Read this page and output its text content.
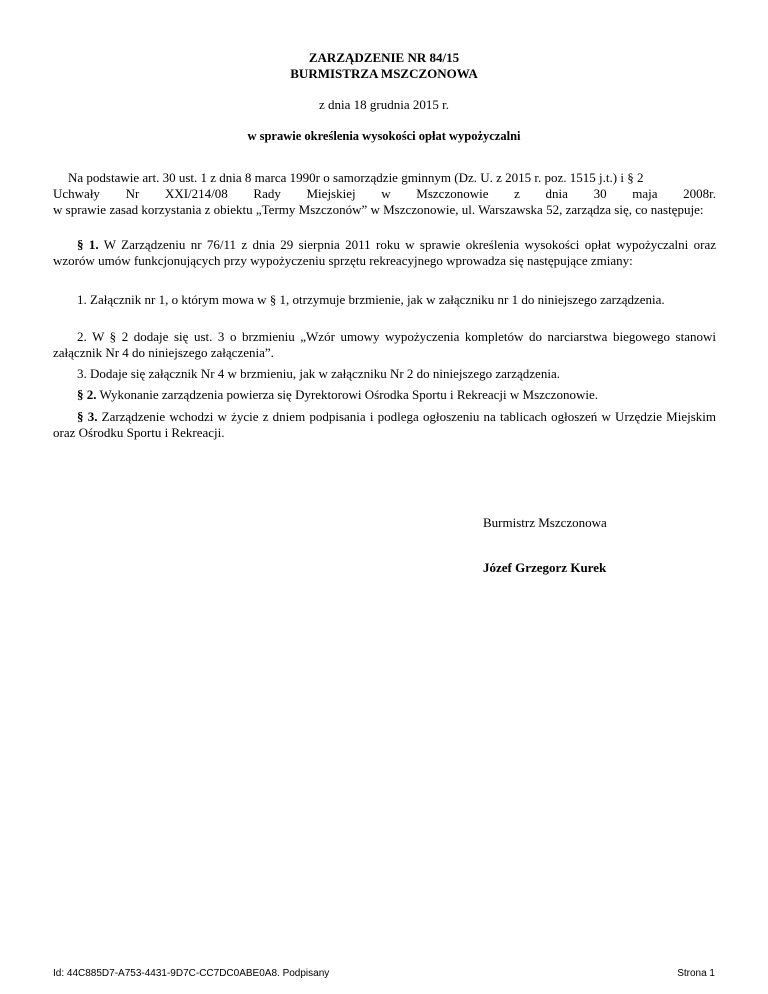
ZARZĄDZENIE NR 84/15
BURMISTRZA MSZCZONOWA
z dnia 18 grudnia 2015 r.
w sprawie określenia wysokości opłat wypożyczalni

Na podstawie art. 30 ust. 1 z dnia 8 marca 1990r o samorządzie gminnym (Dz. U. z 2015 r. poz. 1515 j.t.) i § 2

Uchwały Nr XXI/214/08 Rady Miejskiej w Mszczonowie z dnia 30 maja 2008r.

w sprawie zasad korzystania z obiektu „Termy Mszczonów” w Mszczonowie, ul. Warszawska 52, zarządza się, co następuje:

§ 1. W Zarządzeniu nr 76/11 z dnia 29 sierpnia 2011 roku w sprawie określenia wysokości opłat wypożyczalni oraz wzorów umów funkcjonujących przy wypożyczeniu sprzętu rekreacyjnego wprowadza się następujące zmiany:

1. Załącznik nr 1, o którym mowa w § 1, otrzymuje brzmienie, jak w załączniku nr 1 do niniejszego zarządzenia.

2. W § 2 dodaje się ust. 3 o brzmieniu „Wzór umowy wypożyczenia kompletów do narciarstwa biegowego stanowi załącznik Nr 4 do niniejszego załączenia”.

3. Dodaje się załącznik Nr 4 w brzmieniu, jak w załączniku Nr 2 do niniejszego zarządzenia.

§ 2. Wykonanie zarządzenia powierza się Dyrektorowi Ośrodka Sportu i Rekreacji w Mszczonowie.

§ 3. Zarządzenie wchodzi w życie z dniem podpisania i podlega ogłoszeniu na tablicach ogłoszeń w Urzędzie Miejskim oraz Ośrodku Sportu i Rekreacji.

Burmistrz Mszczonowa
Józef Grzegorz Kurek
Id: 44C885D7-A753-4431-9D7C-CC7DC0ABE0A8. Podpisany	Strona 1
